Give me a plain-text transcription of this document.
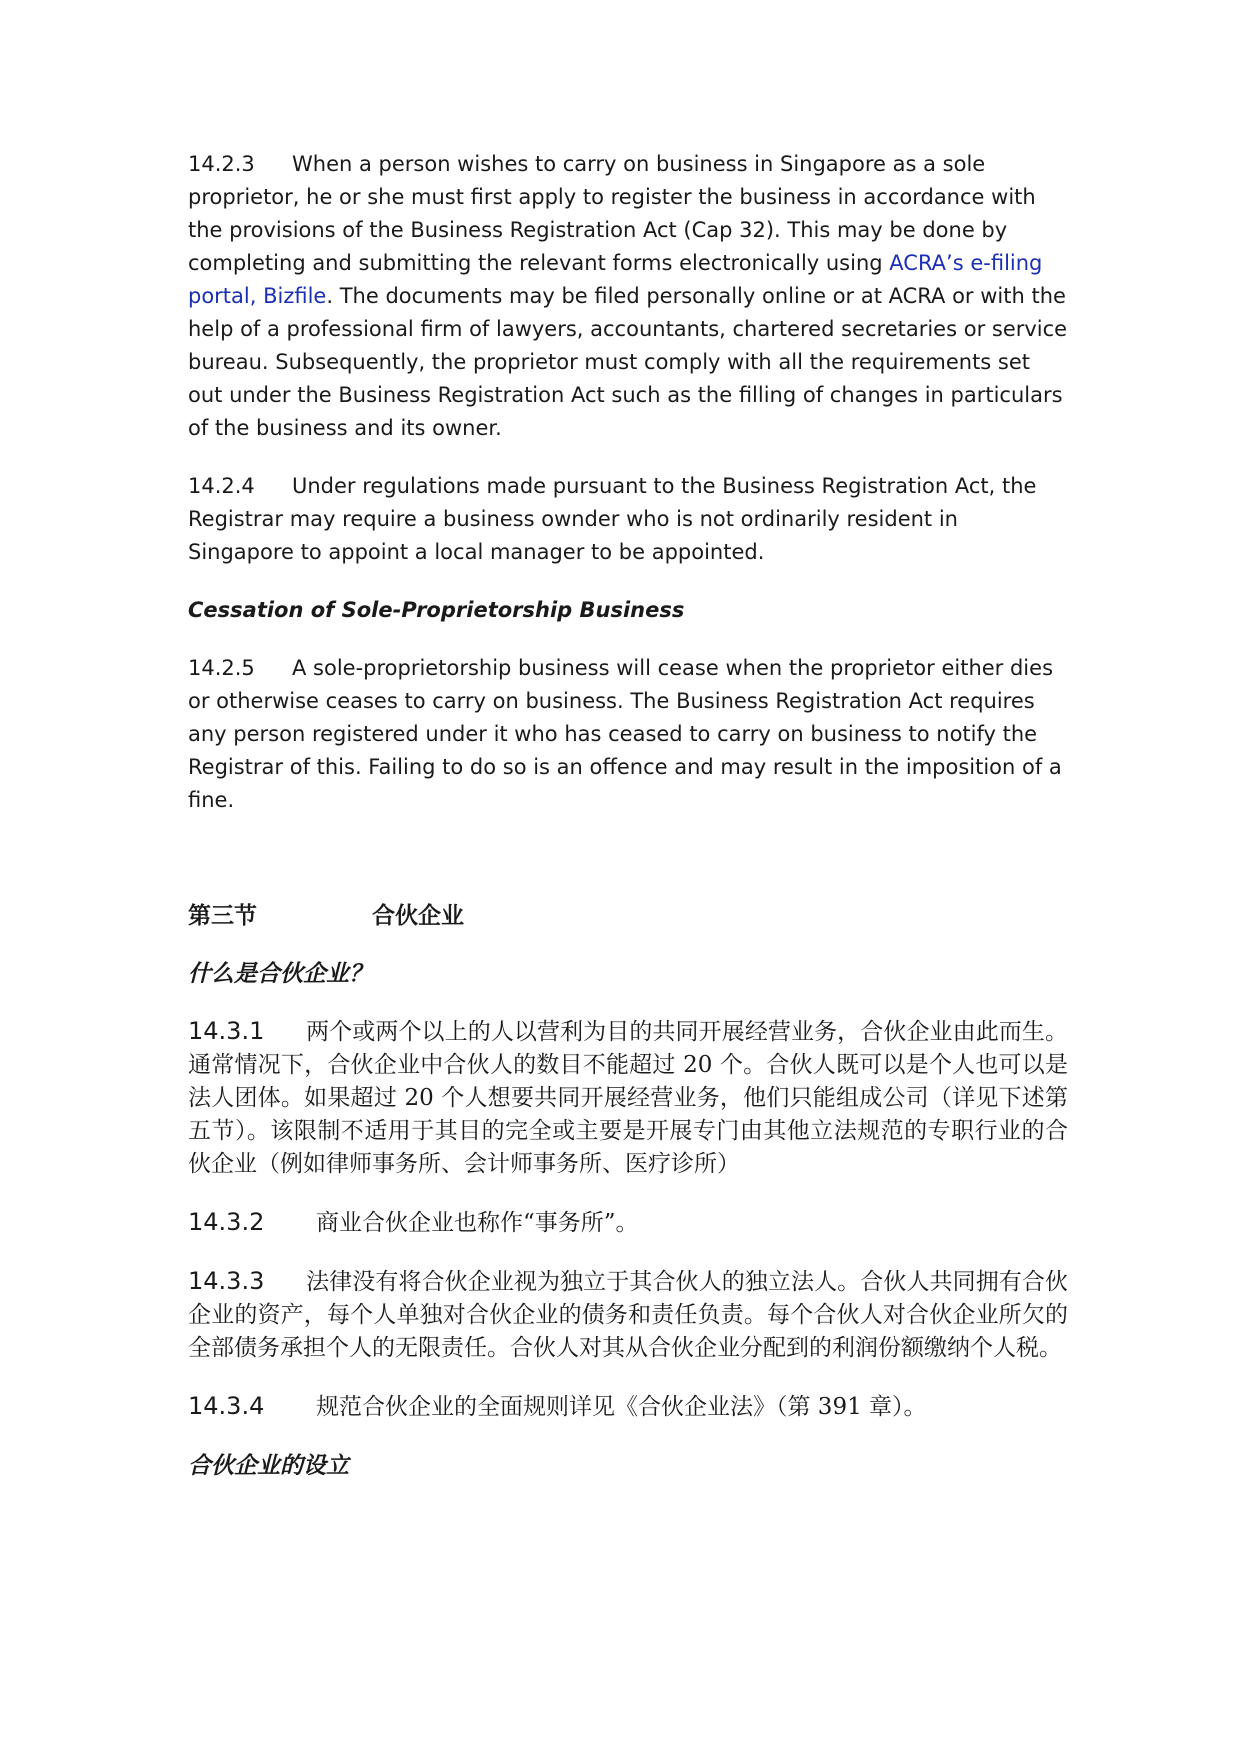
14.2.3 When a person wishes to carry on business in Singapore as a sole proprietor, he or she must first apply to register the business in accordance with the provisions of the Business Registration Act (Cap 32). This may be done by completing and submitting the relevant forms electronically using ACRA’s e-filing portal, Bizfile. The documents may be filed personally online or at ACRA or with the help of a professional firm of lawyers, accountants, chartered secretaries or service bureau. Subsequently, the proprietor must comply with all the requirements set out under the Business Registration Act such as the filling of changes in particulars of the business and its owner.

14.2.4 Under regulations made pursuant to the Business Registration Act, the Registrar may require a business ownder who is not ordinarily resident in Singapore to appoint a local manager to be appointed.

Cessation of Sole-Proprietorship Business

14.2.5 A sole-proprietorship business will cease when the proprietor either dies or otherwise ceases to carry on business. The Business Registration Act requires any person registered under it who has ceased to carry on business to notify the Registrar of this. Failing to do so is an offence and may result in the imposition of a fine.

第三节	合伙企业

什么是合伙企业？

14.3.1 两个或两个以上的人以营利为目的共同开展经营业务，合伙企业由此而生。通常情况下，合伙企业中合伙人的数目不能超过 20 个。合伙人既可以是个人也可以是法人团体。如果超过 20 个人想要共同开展经营业务，他们只能组成公司（详见下述第五节）。该限制不适用于其目的完全或主要是开展专门由其他立法规范的专职行业的合伙企业（例如律师事务所、会计师事务所、医疗诊所）

14.3.2 商业合伙企业也称作“事务所”。

14.3.3 法律没有将合伙企业视为独立于其合伙人的独立法人。合伙人共同拥有合伙企业的资产，每个人单独对合伙企业的债务和责任负责。每个合伙人对合伙企业所欠的全部债务承担个人的无限责任。合伙人对其从合伙企业分配到的利润份额缴纳个人税。

14.3.4 规范合伙企业的全面规则详见《合伙企业法》（第 391 章）。

合伙企业的设立
